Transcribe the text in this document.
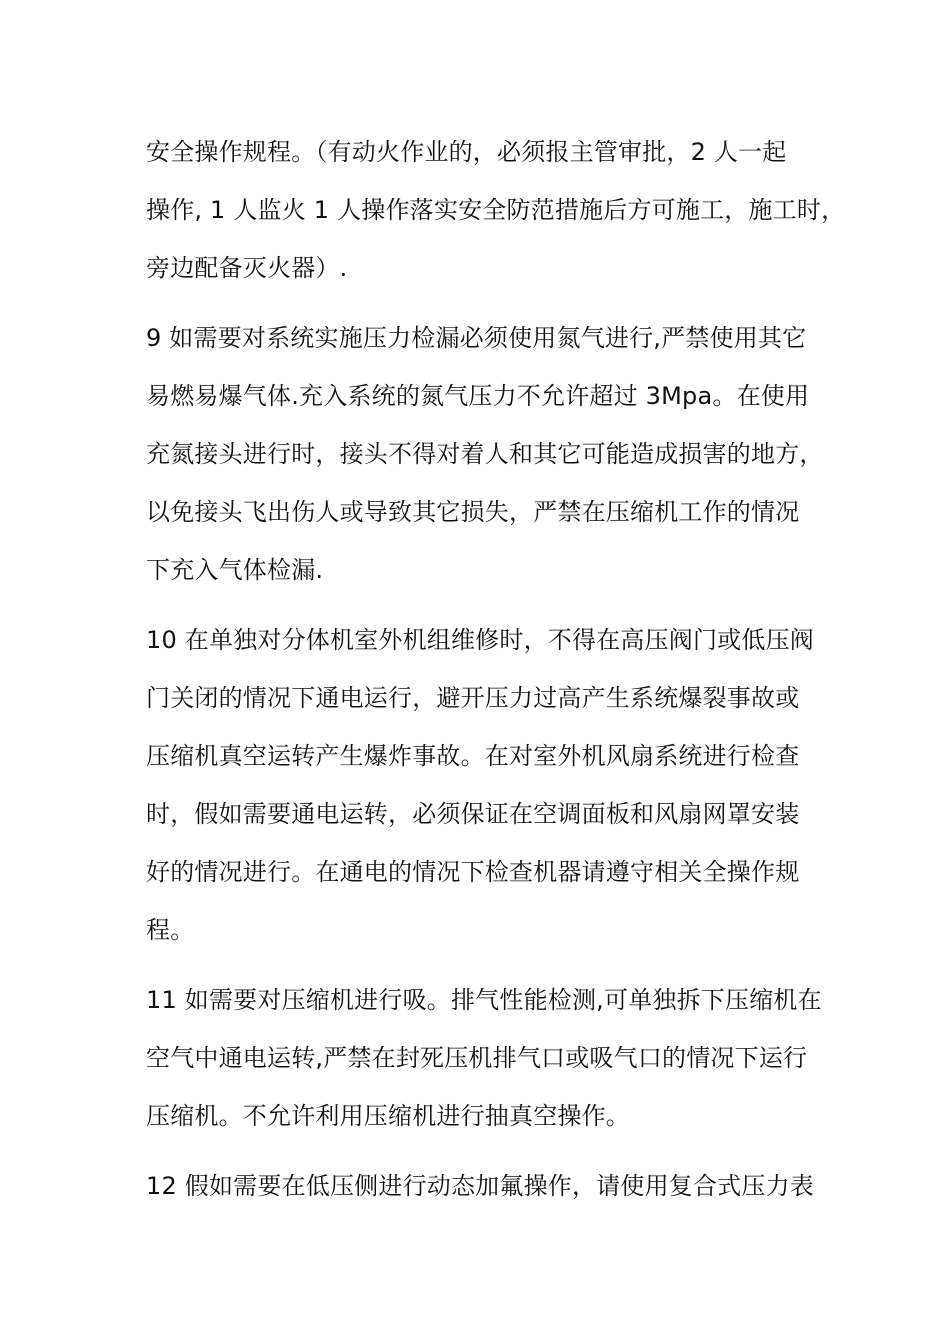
安全操作规程。（有动火作业的，必须报主管审批，2 人一起
操作, 1 人监火 1 人操作落实安全防范措施后方可施工，施工时，
旁边配备灭火器）.
9 如需要对系统实施压力检漏必须使用氮气进行,严禁使用其它
易燃易爆气体.充入系统的氮气压力不允许超过 3Mpa。在使用
充氮接头进行时，接头不得对着人和其它可能造成损害的地方，
以免接头飞出伤人或导致其它损失，严禁在压缩机工作的情况
下充入气体检漏.
10 在单独对分体机室外机组维修时，不得在高压阀门或低压阀
门关闭的情况下通电运行，避开压力过高产生系统爆裂事故或
压缩机真空运转产生爆炸事故。在对室外机风扇系统进行检查
时，假如需要通电运转，必须保证在空调面板和风扇网罩安装
好的情况进行。在通电的情况下检查机器请遵守相关全操作规
程。
11 如需要对压缩机进行吸。排气性能检测,可单独拆下压缩机在
空气中通电运转,严禁在封死压机排气口或吸气口的情况下运行
压缩机。不允许利用压缩机进行抽真空操作。
12 假如需要在低压侧进行动态加氟操作，请使用复合式压力表
